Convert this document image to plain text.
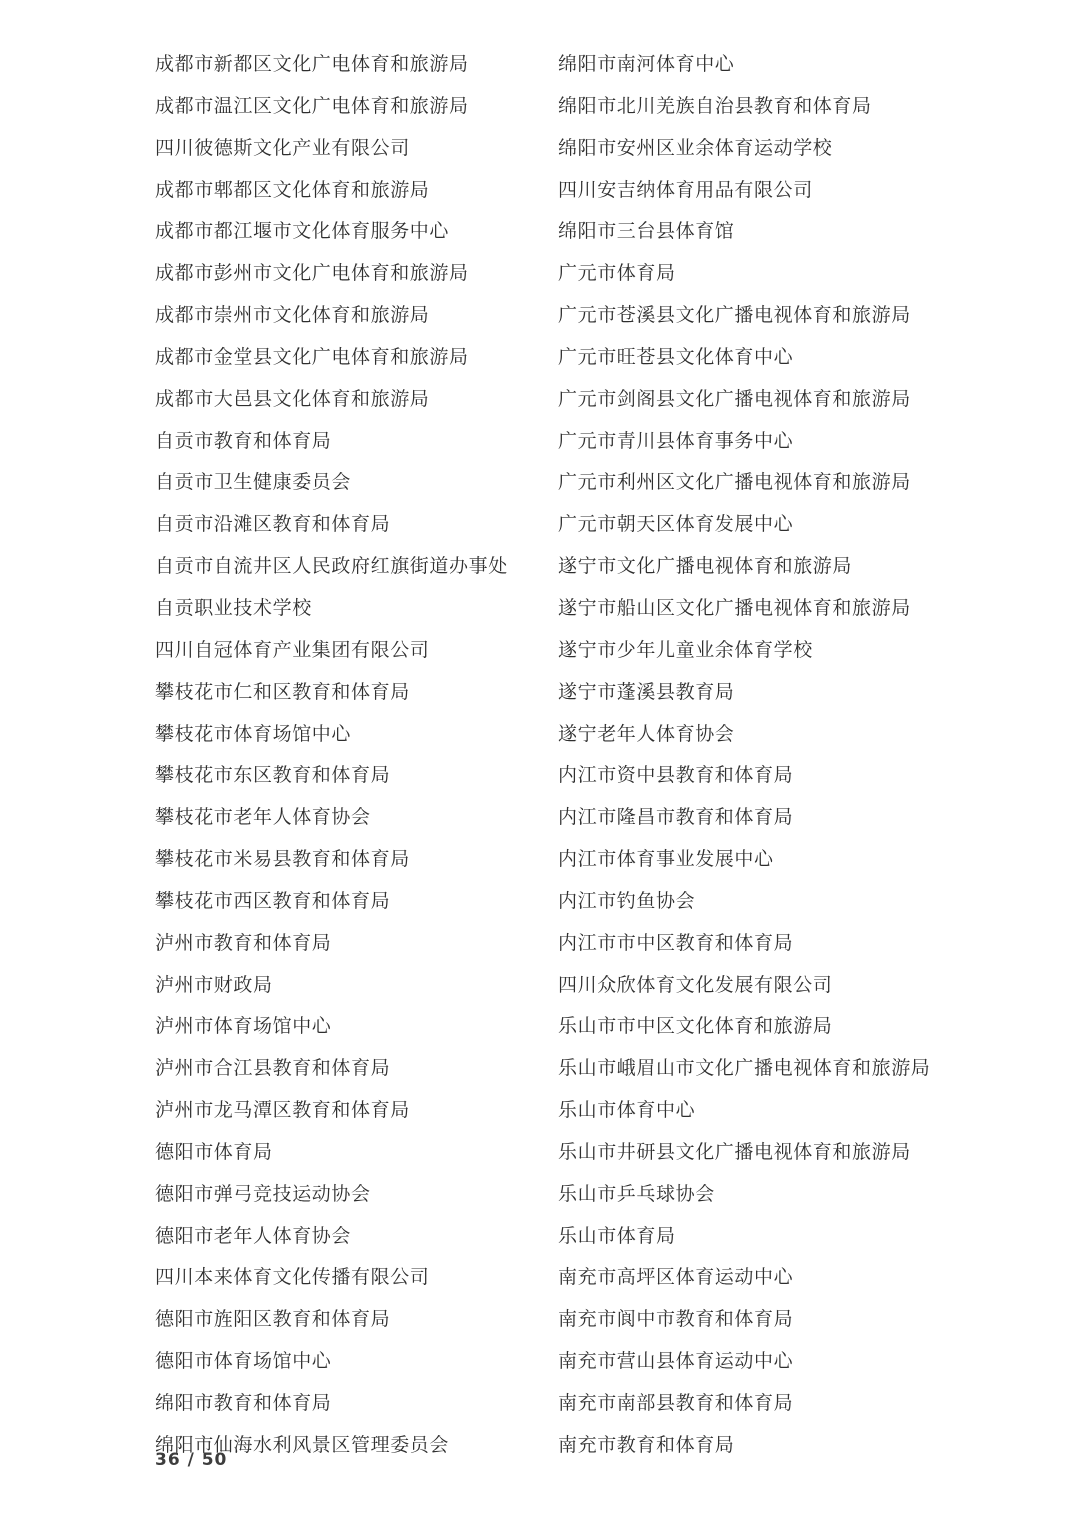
成都市新都区文化广电体育和旅游局
成都市温江区文化广电体育和旅游局
四川彼德斯文化产业有限公司
成都市郫都区文化体育和旅游局
成都市都江堰市文化体育服务中心
成都市彭州市文化广电体育和旅游局
成都市崇州市文化体育和旅游局
成都市金堂县文化广电体育和旅游局
成都市大邑县文化体育和旅游局
自贡市教育和体育局
自贡市卫生健康委员会
自贡市沿滩区教育和体育局
自贡市自流井区人民政府红旗街道办事处
自贡职业技术学校
四川自冠体育产业集团有限公司
攀枝花市仁和区教育和体育局
攀枝花市体育场馆中心
攀枝花市东区教育和体育局
攀枝花市老年人体育协会
攀枝花市米易县教育和体育局
攀枝花市西区教育和体育局
泸州市教育和体育局
泸州市财政局
泸州市体育场馆中心
泸州市合江县教育和体育局
泸州市龙马潭区教育和体育局
德阳市体育局
德阳市弹弓竞技运动协会
德阳市老年人体育协会
四川本来体育文化传播有限公司
德阳市旌阳区教育和体育局
德阳市体育场馆中心
绵阳市教育和体育局
绵阳市仙海水利风景区管理委员会
绵阳市南河体育中心
绵阳市北川羌族自治县教育和体育局
绵阳市安州区业余体育运动学校
四川安吉纳体育用品有限公司
绵阳市三台县体育馆
广元市体育局
广元市苍溪县文化广播电视体育和旅游局
广元市旺苍县文化体育中心
广元市剑阁县文化广播电视体育和旅游局
广元市青川县体育事务中心
广元市利州区文化广播电视体育和旅游局
广元市朝天区体育发展中心
遂宁市文化广播电视体育和旅游局
遂宁市船山区文化广播电视体育和旅游局
遂宁市少年儿童业余体育学校
遂宁市蓬溪县教育局
遂宁老年人体育协会
内江市资中县教育和体育局
内江市隆昌市教育和体育局
内江市体育事业发展中心
内江市钓鱼协会
内江市市中区教育和体育局
四川众欣体育文化发展有限公司
乐山市市中区文化体育和旅游局
乐山市峨眉山市文化广播电视体育和旅游局
乐山市体育中心
乐山市井研县文化广播电视体育和旅游局
乐山市乒乓球协会
乐山市体育局
南充市高坪区体育运动中心
南充市阆中市教育和体育局
南充市营山县体育运动中心
南充市南部县教育和体育局
南充市教育和体育局
36 / 50
